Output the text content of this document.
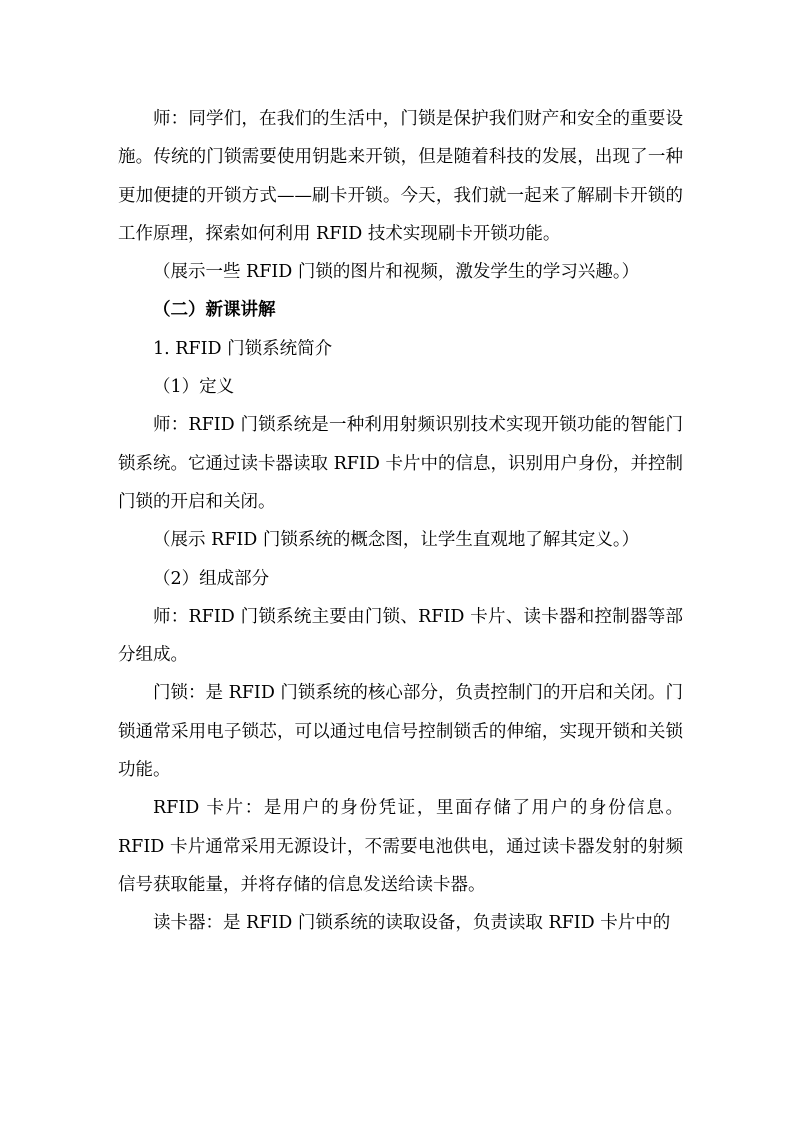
师：同学们，在我们的生活中，门锁是保护我们财产和安全的重要设施。传统的门锁需要使用钥匙来开锁，但是随着科技的发展，出现了一种更加便捷的开锁方式——刷卡开锁。今天，我们就一起来了解刷卡开锁的工作原理，探索如何利用 RFID 技术实现刷卡开锁功能。

（展示一些 RFID 门锁的图片和视频，激发学生的学习兴趣。）

（二）新课讲解

1. RFID 门锁系统简介

（1）定义

师：RFID 门锁系统是一种利用射频识别技术实现开锁功能的智能门锁系统。它通过读卡器读取 RFID 卡片中的信息，识别用户身份，并控制门锁的开启和关闭。

（展示 RFID 门锁系统的概念图，让学生直观地了解其定义。）

（2）组成部分

师：RFID 门锁系统主要由门锁、RFID 卡片、读卡器和控制器等部分组成。

门锁：是 RFID 门锁系统的核心部分，负责控制门的开启和关闭。门锁通常采用电子锁芯，可以通过电信号控制锁舌的伸缩，实现开锁和关锁功能。

RFID 卡片：是用户的身份凭证，里面存储了用户的身份信息。RFID 卡片通常采用无源设计，不需要电池供电，通过读卡器发射的射频信号获取能量，并将存储的信息发送给读卡器。

读卡器：是 RFID 门锁系统的读取设备，负责读取 RFID 卡片中的
